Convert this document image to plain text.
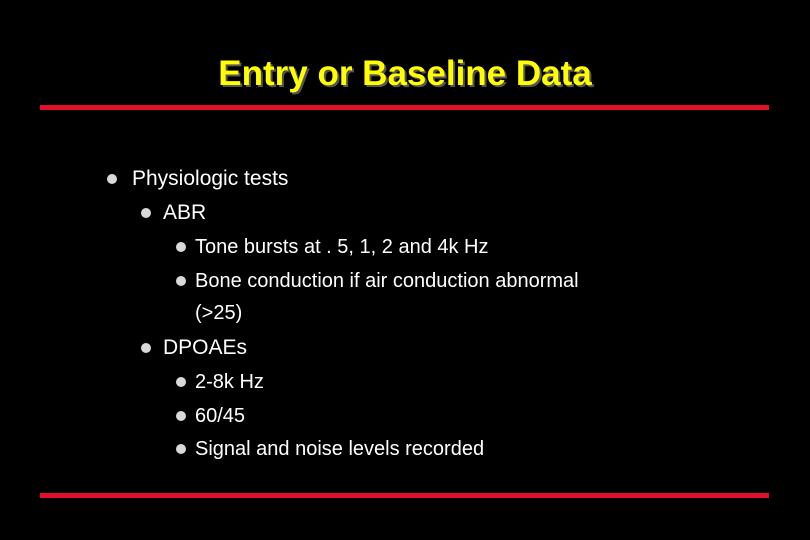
Entry or Baseline Data
Physiologic tests
ABR
Tone bursts at . 5, 1, 2 and 4k Hz
Bone conduction if air conduction abnormal
(>25)
DPOAEs
2-8k Hz
60/45
Signal and noise levels recorded
